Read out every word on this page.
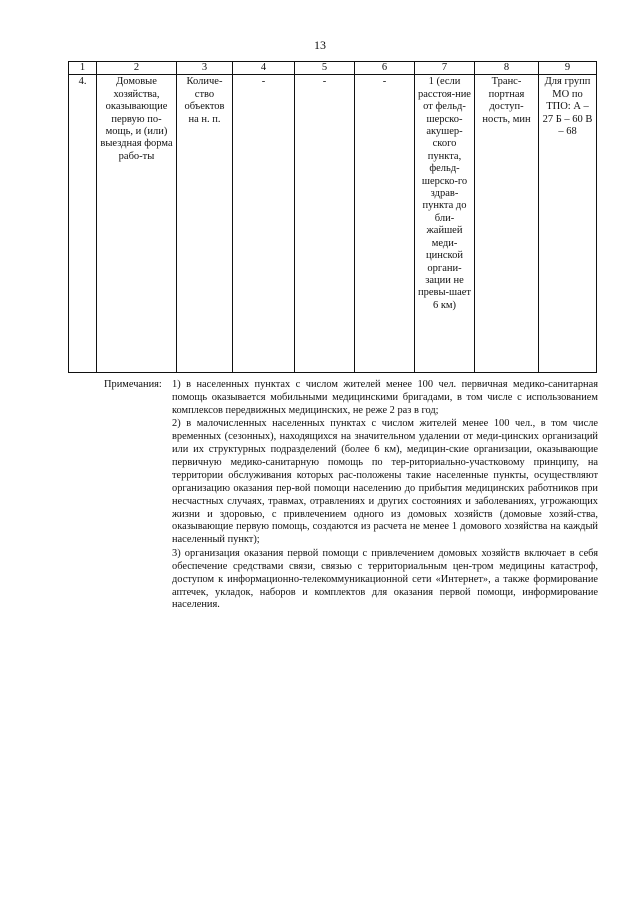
13
1	2	3	4	5	6	7	8	9
4.	Домовые хозяйства, оказывающие первую по-мощь, и (или) выездная форма рабо-ты	Количе-ство объектов на н. п.	-	-	-	1 (если расстоя-ние от фельд-шерско-акушер-ского пункта, фельд-шерско-го здрав-пункта до бли-жайшей меди-цинской органи-зации не превы-шает 6 км)	Транс-портная доступ-ность, мин	Для групп МО по ТПО: А – 27 Б – 60 В – 68
Примечания: 1) в населенных пунктах с числом жителей менее 100 чел. первичная медико-санитарная помощь оказывается мобильными медицинскими бригадами, в том числе с использованием комплексов передвижных медицинских, не реже 2 раз в год;

2) в малочисленных населенных пунктах с числом жителей менее 100 чел., в том числе временных (сезонных), находящихся на значительном удалении от меди-цинских организаций или их структурных подразделений (более 6 км), медицин-ские организации, оказывающие первичную медико-санитарную помощь по тер-риториально-участковому принципу, на территории обслуживания которых рас-положены такие населенные пункты, осуществляют организацию оказания пер-вой помощи населению до прибытия медицинских работников при несчастных случаях, травмах, отравлениях и других состояниях и заболеваниях, угрожающих жизни и здоровью, с привлечением одного из домовых хозяйств (домовые хозяй-ства, оказывающие первую помощь, создаются из расчета не менее 1 домового хозяйства на каждый населенный пункт);

3) организация оказания первой помощи с привлечением домовых хозяйств включает в себя обеспечение средствами связи, связью с территориальным цен-тром медицины катастроф, доступом к информационно-телекоммуникационной сети «Интернет», а также формирование аптечек, укладок, наборов и комплектов для оказания первой помощи, информирование населения.
